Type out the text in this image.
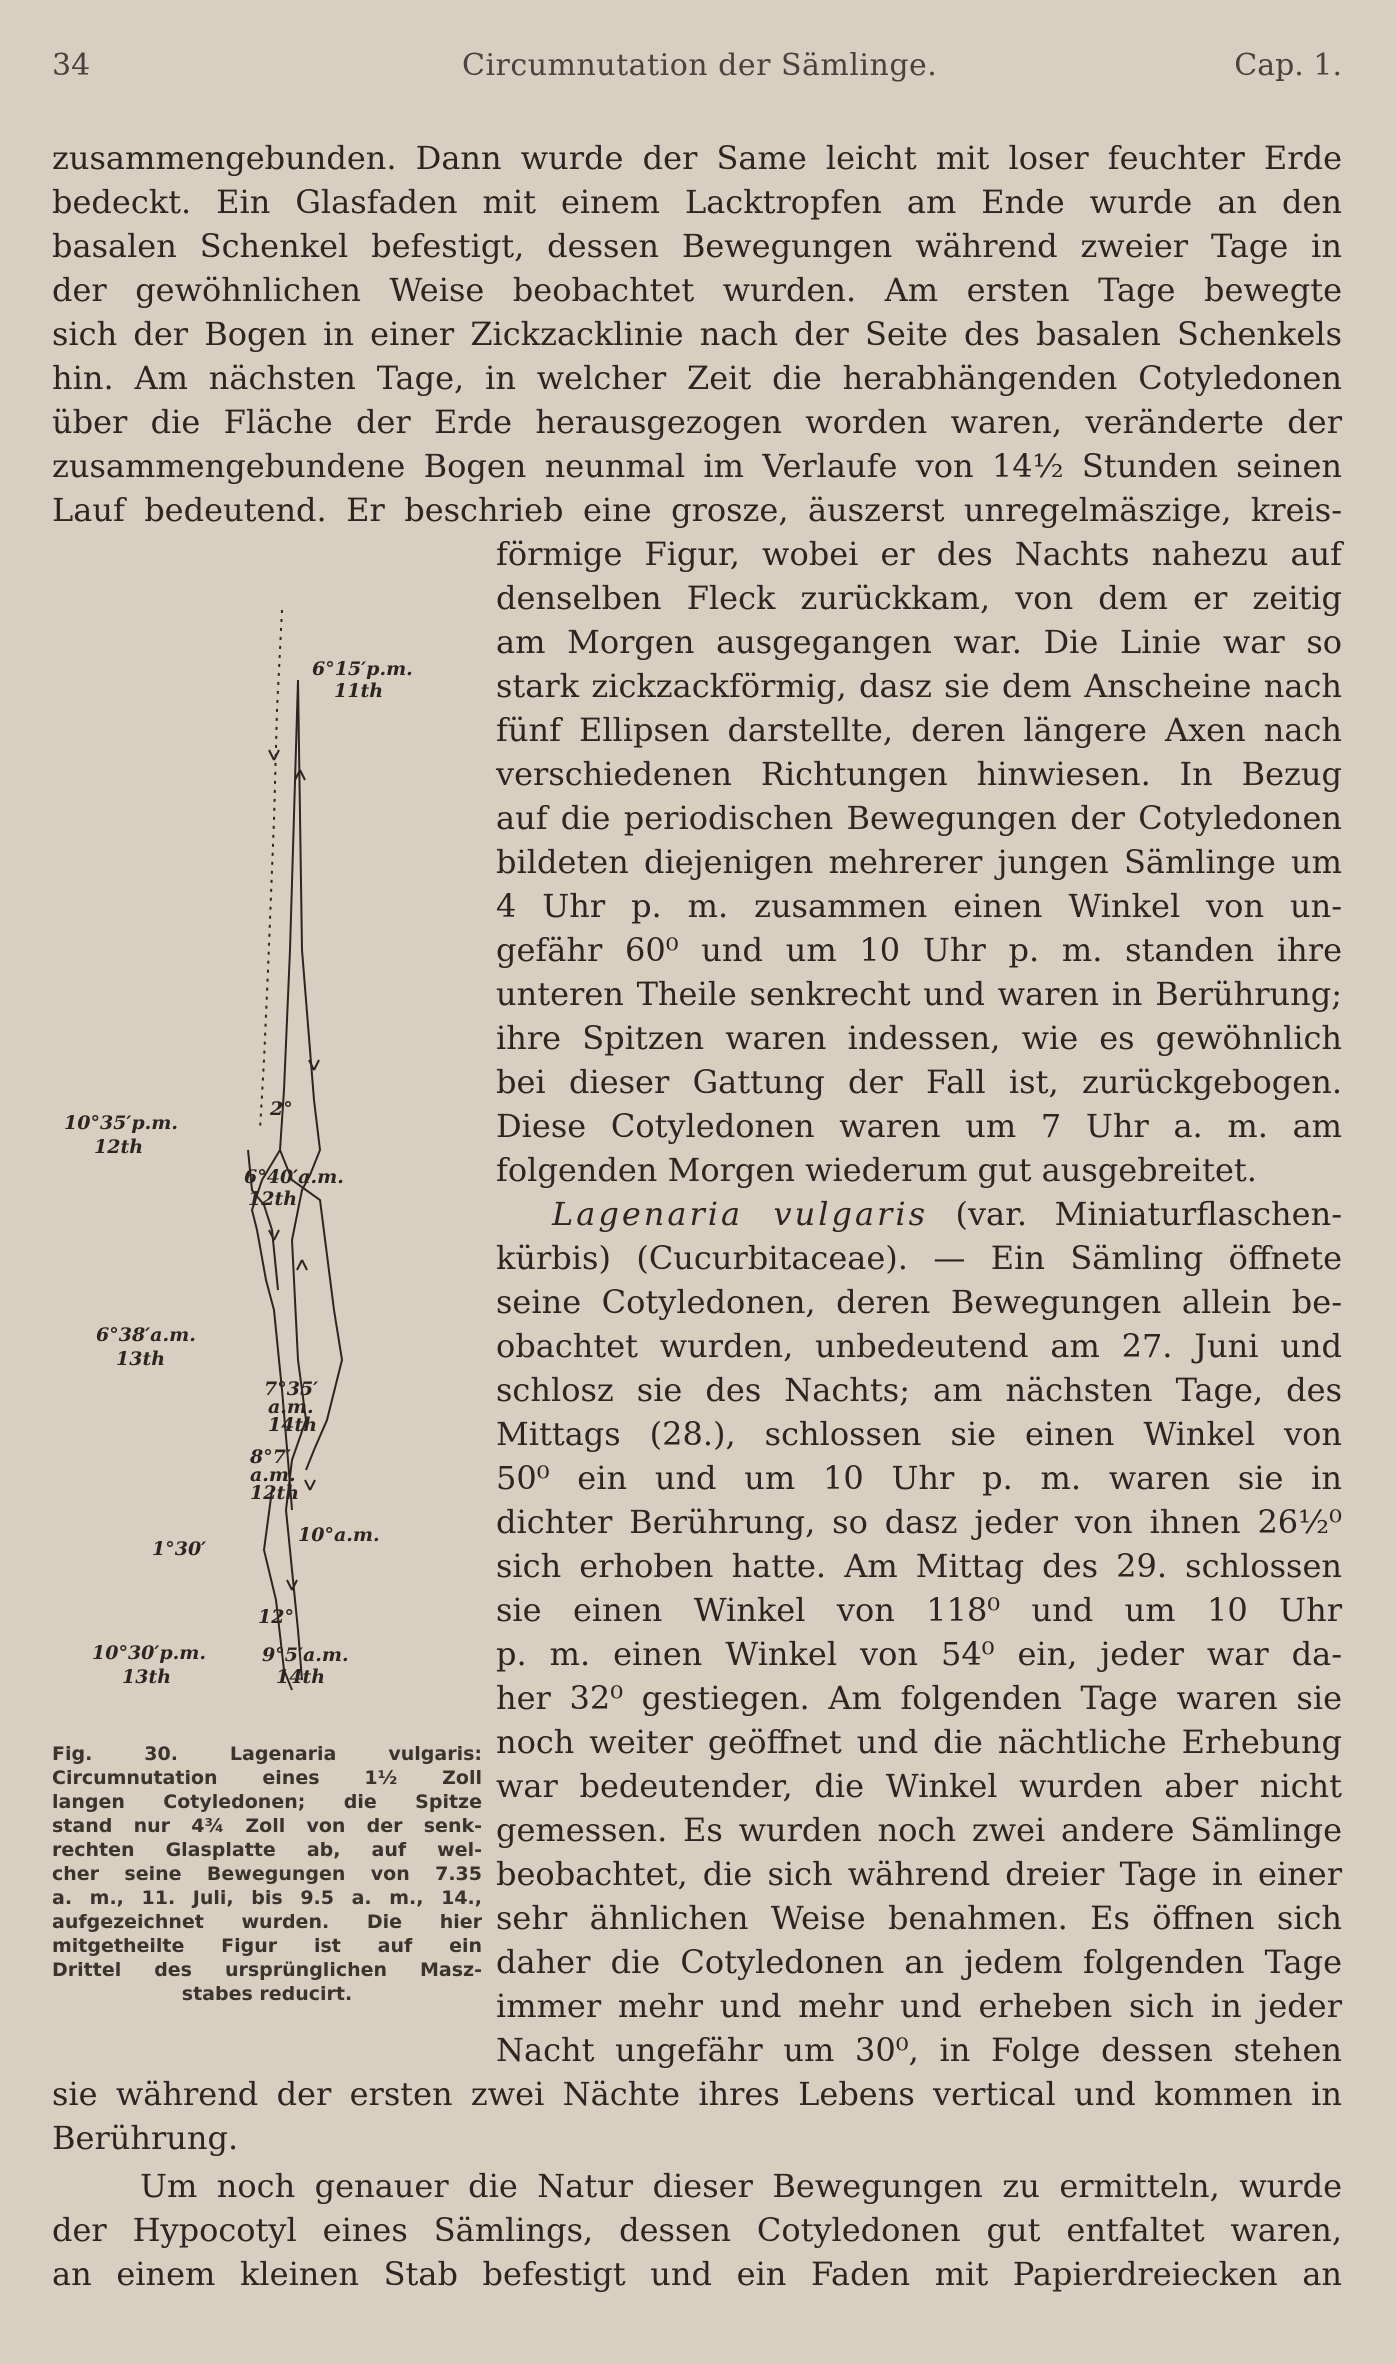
34	Circumnutation der Sämlinge.	Cap. 1.
zusammengebunden. Dann wurde der Same leicht mit loser feuchter Erde
bedeckt. Ein Glasfaden mit einem Lacktropfen am Ende wurde an den
basalen Schenkel befestigt, dessen Bewegungen während zweier Tage in
der gewöhnlichen Weise beobachtet wurden. Am ersten Tage bewegte
sich der Bogen in einer Zickzacklinie nach der Seite des basalen Schenkels
hin. Am nächsten Tage, in welcher Zeit die herabhängenden Cotyledonen
über die Fläche der Erde herausgezogen worden waren, veränderte der
zusammengebundene Bogen neunmal im Verlaufe von 14½ Stunden seinen
Lauf bedeutend. Er beschrieb eine grosze, äuszerst unregelmäszige, kreis-
förmige Figur, wobei er des Nachts nahezu auf
denselben Fleck zurückkam, von dem er zeitig
am Morgen ausgegangen war. Die Linie war so
stark zickzackförmig, dasz sie dem Anscheine nach
fünf Ellipsen darstellte, deren längere Axen nach
verschiedenen Richtungen hinwiesen. In Bezug
auf die periodischen Bewegungen der Cotyledonen
bildeten diejenigen mehrerer jungen Sämlinge um
4 Uhr p. m. zusammen einen Winkel von un-
gefähr 60⁰ und um 10 Uhr p. m. standen ihre
unteren Theile senkrecht und waren in Berührung;
ihre Spitzen waren indessen, wie es gewöhnlich
bei dieser Gattung der Fall ist, zurückgebogen.
Diese Cotyledonen waren um 7 Uhr a. m. am
folgenden Morgen wiederum gut ausgebreitet.
Lagenaria vulgaris (var. Miniaturflaschen-
kürbis) (Cucurbitaceae). — Ein Sämling öffnete
seine Cotyledonen, deren Bewegungen allein be-
obachtet wurden, unbedeutend am 27. Juni und
schlosz sie des Nachts; am nächsten Tage, des
Mittags (28.), schlossen sie einen Winkel von
50⁰ ein und um 10 Uhr p. m. waren sie in
dichter Berührung, so dasz jeder von ihnen 26½⁰
sich erhoben hatte. Am Mittag des 29. schlossen
sie einen Winkel von 118⁰ und um 10 Uhr
p. m. einen Winkel von 54⁰ ein, jeder war da-
her 32⁰ gestiegen. Am folgenden Tage waren sie
noch weiter geöffnet und die nächtliche Erhebung
war bedeutender, die Winkel wurden aber nicht
gemessen. Es wurden noch zwei andere Sämlinge
beobachtet, die sich während dreier Tage in einer
sehr ähnlichen Weise benahmen. Es öffnen sich
daher die Cotyledonen an jedem folgenden Tage
immer mehr und mehr und erheben sich in jeder
Nacht ungefähr um 30⁰, in Folge dessen stehen
sie während der ersten zwei Nächte ihres Lebens vertical und kommen in
Berührung.
Um noch genauer die Natur dieser Bewegungen zu ermitteln, wurde
der Hypocotyl eines Sämlings, dessen Cotyledonen gut entfaltet waren,
an einem kleinen Stab befestigt und ein Faden mit Papierdreiecken an
6°15′p.m.
11th
10°35′p.m.
12th
2°
6°40′a.m.
12th
6°38′a.m.
13th
7°35′
a.m.
14th
8°7′
a.m.
12th
10°a.m.
1°30′
12°
10°30′p.m.
13th
9°5′a.m.
14th
Fig. 30. Lagenaria vulgaris:
Circumnutation eines 1½ Zoll
langen Cotyledonen; die Spitze
stand nur 4¾ Zoll von der senk-
rechten Glasplatte ab, auf wel-
cher seine Bewegungen von 7.35
a. m., 11. Juli, bis 9.5 a. m., 14.,
aufgezeichnet wurden. Die hier
mitgetheilte Figur ist auf ein
Drittel des ursprünglichen Masz-
stabes reducirt.
